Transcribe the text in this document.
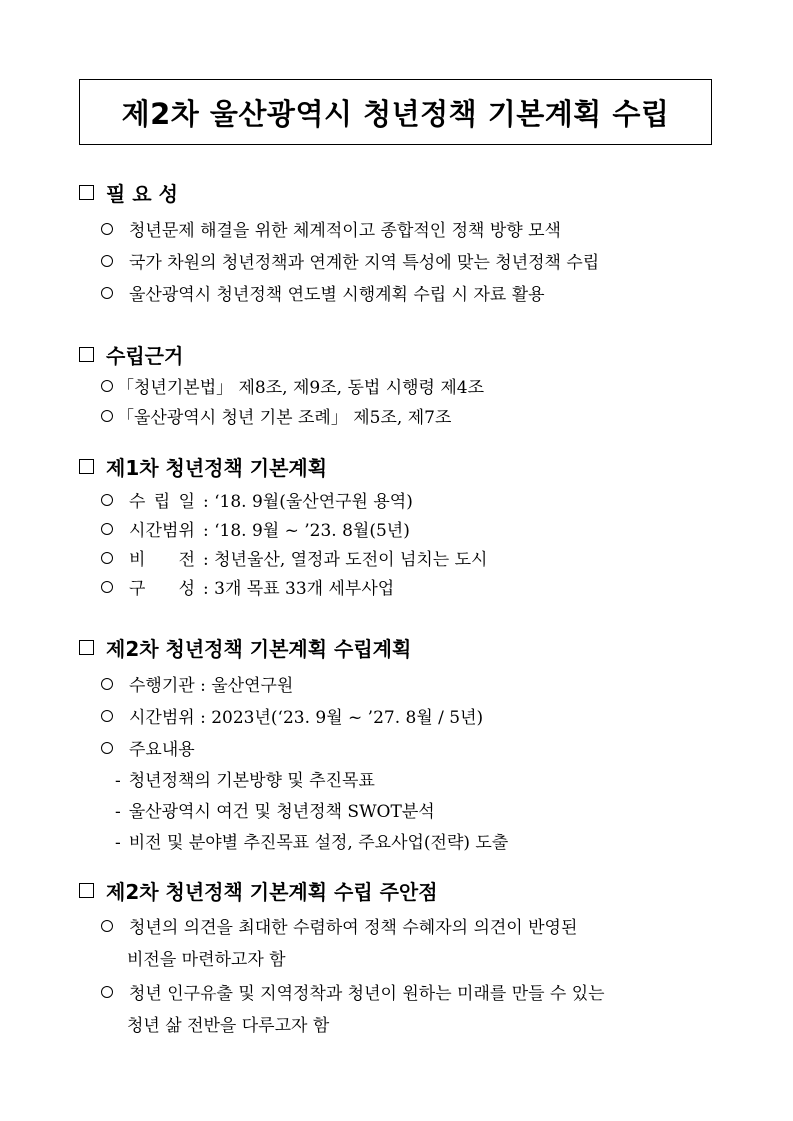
제2차 울산광역시 청년정책 기본계획 수립
필 요 성
청년문제 해결을 위한 체계적이고 종합적인 정책 방향 모색
국가 차원의 청년정책과 연계한 지역 특성에 맞는 청년정책 수립
울산광역시 청년정책 연도별 시행계획 수립 시 자료 활용
수립근거
「청년기본법」 제8조, 제9조, 동법 시행령 제4조
「울산광역시 청년 기본 조례」 제5조, 제7조
제1차 청년정책 기본계획
수 립 일 : ‘18. 9월(울산연구원 용역)
시 간 범 위 : ‘18. 9월 ~ ’23. 8월(5년)
비 전 : 청년울산, 열정과 도전이 넘치는 도시
구 성 : 3개 목표 33개 세부사업
제2차 청년정책 기본계획 수립계획
수행기관 : 울산연구원
시간범위 : 2023년(‘23. 9월 ~ ’27. 8월 / 5년)
주요내용
- 청년정책의 기본방향 및 추진목표
- 울산광역시 여건 및 청년정책 SWOT분석
- 비전 및 분야별 추진목표 설정, 주요사업(전략) 도출
제2차 청년정책 기본계획 수립 주안점
청년의 의견을 최대한 수렴하여 정책 수혜자의 의견이 반영된
비전을 마련하고자 함
청년 인구유출 및 지역정착과 청년이 원하는 미래를 만들 수 있는
청년 삶 전반을 다루고자 함
